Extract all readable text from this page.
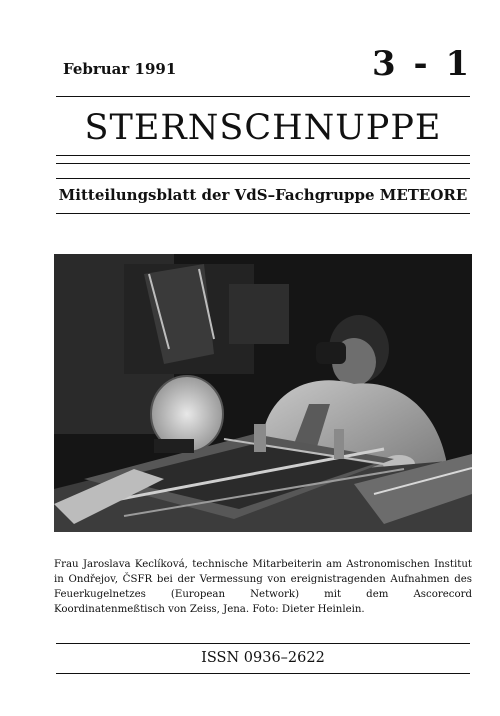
Februar 1991	3 - 1
STERNSCHNUPPE
Mitteilungsblatt der VdS–Fachgruppe METEORE
Frau Jaroslava Keclíková, technische Mitarbeiterin am Astronomischen Institut in Ondřejov, ČSFR bei der Vermessung von ereignistragenden Aufnahmen des Feuerkugelnetzes (European Network) mit dem Ascorecord Koordinatenmeßtisch von Zeiss, Jena. Foto: Dieter Heinlein.
ISSN 0936–2622
